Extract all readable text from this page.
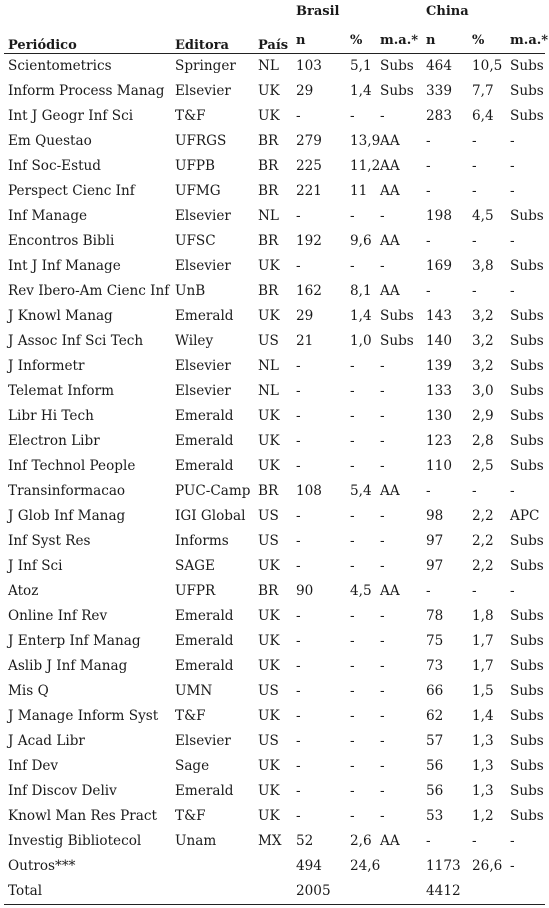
Periódico	Editora	País	Brasil			China		
			n	%	m.a.*	n	%	m.a.*
Scientometrics	Springer	NL	103	5,1	Subs	464	10,5	Subs
Inform Process Manag	Elsevier	UK	29	1,4	Subs	339	7,7	Subs
Int J Geogr Inf Sci	T&F	UK	-	-	-	283	6,4	Subs
Em Questao	UFRGS	BR	279	13,9	AA	-	-	-
Inf Soc-Estud	UFPB	BR	225	11,2	AA	-	-	-
Perspect Cienc Inf	UFMG	BR	221	11	AA	-	-	-
Inf Manage	Elsevier	NL	-	-	-	198	4,5	Subs
Encontros Bibli	UFSC	BR	192	9,6	AA	-	-	-
Int J Inf Manage	Elsevier	UK	-	-	-	169	3,8	Subs
Rev Ibero-Am Cienc Inf	UnB	BR	162	8,1	AA	-	-	-
J Knowl Manag	Emerald	UK	29	1,4	Subs	143	3,2	Subs
J Assoc Inf Sci Tech	Wiley	US	21	1,0	Subs	140	3,2	Subs
J Informetr	Elsevier	NL	-	-	-	139	3,2	Subs
Telemat Inform	Elsevier	NL	-	-	-	133	3,0	Subs
Libr Hi Tech	Emerald	UK	-	-	-	130	2,9	Subs
Electron Libr	Emerald	UK	-	-	-	123	2,8	Subs
Inf Technol People	Emerald	UK	-	-	-	110	2,5	Subs
Transinformacao	PUC-Camp	BR	108	5,4	AA	-	-	-
J Glob Inf Manag	IGI Global	US	-	-	-	98	2,2	APC
Inf Syst Res	Informs	US	-	-	-	97	2,2	Subs
J Inf Sci	SAGE	UK	-	-	-	97	2,2	Subs
Atoz	UFPR	BR	90	4,5	AA	-	-	-
Online Inf Rev	Emerald	UK	-	-	-	78	1,8	Subs
J Enterp Inf Manag	Emerald	UK	-	-	-	75	1,7	Subs
Aslib J Inf Manag	Emerald	UK	-	-	-	73	1,7	Subs
Mis Q	UMN	US	-	-	-	66	1,5	Subs
J Manage Inform Syst	T&F	UK	-	-	-	62	1,4	Subs
J Acad Libr	Elsevier	US	-	-	-	57	1,3	Subs
Inf Dev	Sage	UK	-	-	-	56	1,3	Subs
Inf Discov Deliv	Emerald	UK	-	-	-	56	1,3	Subs
Knowl Man Res Pract	T&F	UK	-	-	-	53	1,2	Subs
Investig Bibliotecol	Unam	MX	52	2,6	AA	-	-	-
Outros***			494	24,6		1173	26,6	-
Total			2005			4412		
